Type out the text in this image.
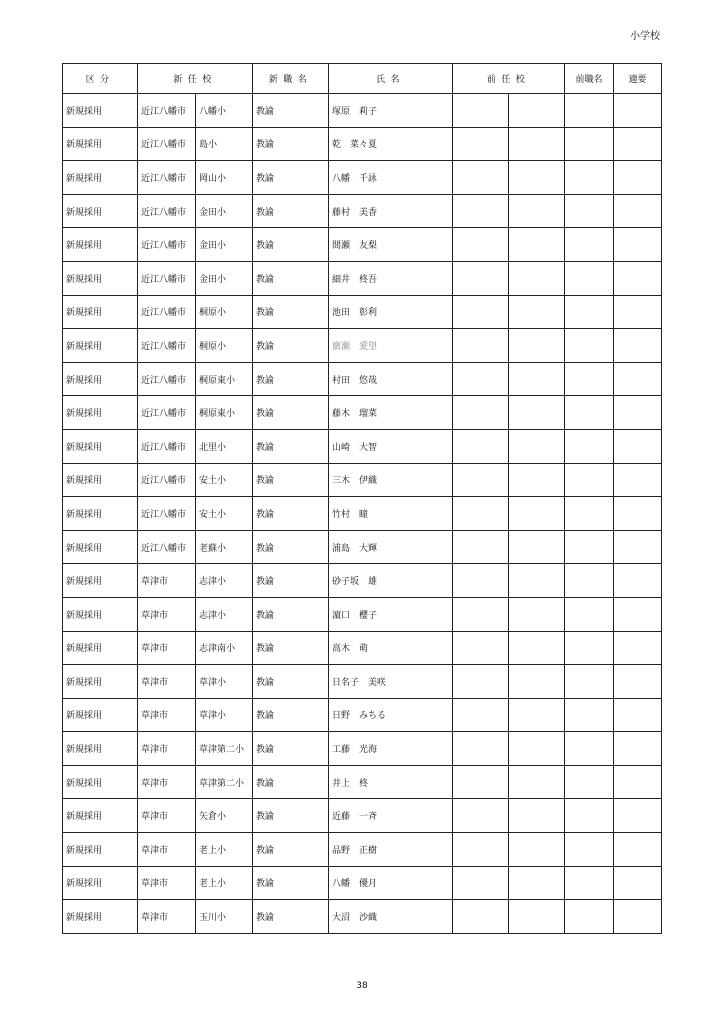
小学校
区分	新任校		新職名	氏名	前任校		前職名	適要
新規採用	近江八幡市	八幡小	教諭	塚原　莉子				
新規採用	近江八幡市	島小	教諭	乾　菜々夏				
新規採用	近江八幡市	岡山小	教諭	八幡　千詠				
新規採用	近江八幡市	金田小	教諭	藤村　美香				
新規採用	近江八幡市	金田小	教諭	間瀬　友梨				
新規採用	近江八幡市	金田小	教諭	細井　柊吾				
新規採用	近江八幡市	桐原小	教諭	池田　彰利				
新規採用	近江八幡市	桐原小	教諭	廣瀬　愛望				
新規採用	近江八幡市	桐原東小	教諭	村田　悠哉				
新規採用	近江八幡市	桐原東小	教諭	藤木　瑠菜				
新規採用	近江八幡市	北里小	教諭	山崎　大智				
新規採用	近江八幡市	安土小	教諭	三木　伊織				
新規採用	近江八幡市	安土小	教諭	竹村　瞳				
新規採用	近江八幡市	老蘇小	教諭	浦島　大輝				
新規採用	草津市	志津小	教諭	砂子坂　雄				
新規採用	草津市	志津小	教諭	濵口　櫻子				
新規採用	草津市	志津南小	教諭	高木　萌				
新規採用	草津市	草津小	教諭	日名子　美咲				
新規採用	草津市	草津小	教諭	日野　みちる				
新規採用	草津市	草津第二小	教諭	工藤　光海				
新規採用	草津市	草津第二小	教諭	井上　柊				
新規採用	草津市	矢倉小	教諭	近藤　一斉				
新規採用	草津市	老上小	教諭	品野　正樹				
新規採用	草津市	老上小	教諭	八幡　優月				
新規採用	草津市	玉川小	教諭	大沼　沙織				
38
